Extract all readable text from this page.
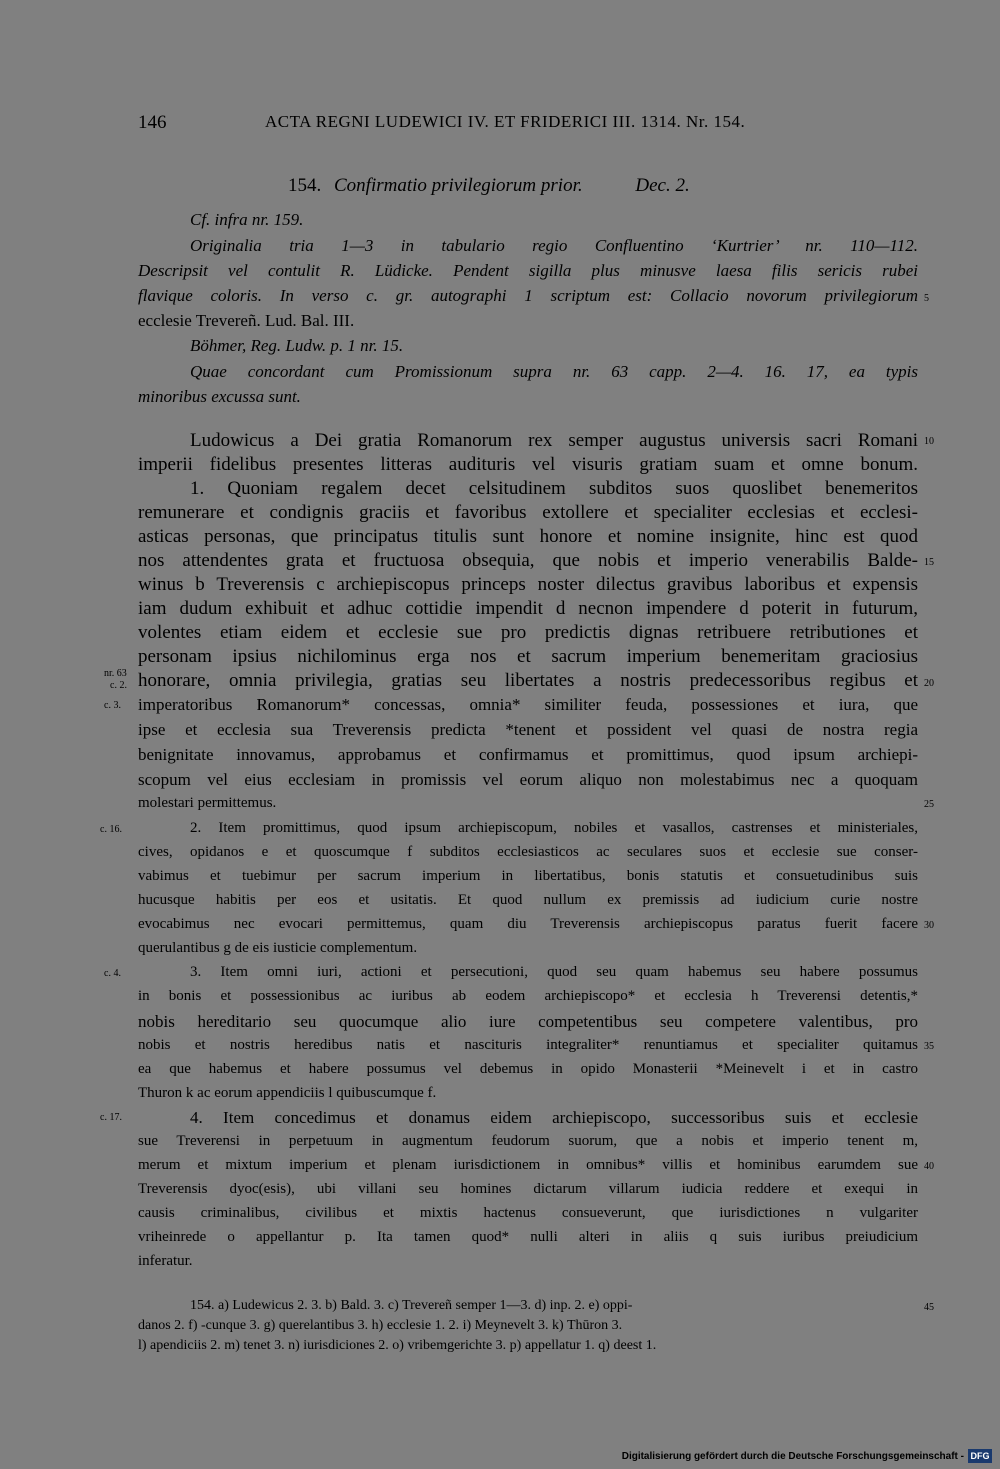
146	ACTA REGNI LUDEWICI IV. ET FRIDERICI III. 1314. Nr. 154.
154. Confirmatio privilegiorum prior.	Dec. 2.
Cf. infra nr. 159.
Originalia tria 1—3 in tabulario regio Confluentino ‘Kurtrier’ nr. 110—112.
Descripsit vel contulit R. Lüdicke. Pendent sigilla plus minusve laesa filis sericis rubei
flavique coloris. In verso c. gr. autographi 1 scriptum est: Collacio novorum privilegiorum
ecclesie Trevereñ. Lud. Bal. III.
Böhmer, Reg. Ludw. p. 1 nr. 15.
Quae concordant cum Promissionum supra nr. 63 capp. 2—4. 16. 17, ea typis
minoribus excussa sunt.
Ludowicus a Dei gratia Romanorum rex semper augustus universis sacri Romani
imperii fidelibus presentes litteras audituris vel visuris gratiam suam et omne bonum.
1. Quoniam regalem decet celsitudinem subditos suos quoslibet benemeritos
remunerare et condignis graciis et favoribus extollere et specialiter ecclesias et ecclesi-
asticas personas, que principatus titulis sunt honore et nomine insignite, hinc est quod
nos attendentes grata et fructuosa obsequia, que nobis et imperio venerabilis Balde-
winus b Treverensis c archiepiscopus princeps noster dilectus gravibus laboribus et expensis
iam dudum exhibuit et adhuc cottidie impendit d necnon impendere d poterit in futurum,
volentes etiam eidem et ecclesie sue pro predictis dignas retribuere retributiones et
personam ipsius nichilominus erga nos et sacrum imperium benemeritam graciosius
honorare, omnia privilegia, gratias seu libertates a nostris predecessoribus regibus et
imperatoribus Romanorum* concessas, omnia* similiter feuda, possessiones et iura, que
ipse et ecclesia sua Treverensis predicta *tenent et possident vel quasi de nostra regia
benignitate innovamus, approbamus et confirmamus et promittimus, quod ipsum archiepi-
scopum vel eius ecclesiam in promissis vel eorum aliquo non molestabimus nec a quoquam
molestari permittemus.
2. Item promittimus, quod ipsum archiepiscopum, nobiles et vasallos, castrenses et ministeriales,
cives, opidanos e et quoscumque f subditos ecclesiasticos ac seculares suos et ecclesie sue conser-
vabimus et tuebimur per sacrum imperium in libertatibus, bonis statutis et consuetudinibus suis
hucusque habitis per eos et usitatis. Et quod nullum ex premissis ad iudicium curie nostre
evocabimus nec evocari permittemus, quam diu Treverensis archiepiscopus paratus fuerit facere
querulantibus g de eis iusticie complementum.
3. Item omni iuri, actioni et persecutioni, quod seu quam habemus seu habere possumus
in bonis et possessionibus ac iuribus ab eodem archiepiscopo* et ecclesia h Treverensi detentis,*
nobis hereditario seu quocumque alio iure competentibus seu competere valentibus, pro
nobis et nostris heredibus natis et nascituris integraliter* renuntiamus et specialiter quitamus
ea que habemus et habere possumus vel debemus in opido Monasterii *Meinevelt i et in castro
Thuron k ac eorum appendiciis l quibuscumque f.
4. Item concedimus et donamus eidem archiepiscopo, successoribus suis et ecclesie
sue Treverensi in perpetuum in augmentum feudorum suorum, que a nobis et imperio tenent m,
merum et mixtum imperium et plenam iurisdictionem in omnibus* villis et hominibus earumdem sue
Treverensis dyoc(esis), ubi villani seu homines dictarum villarum iudicia reddere et exequi in
causis criminalibus, civilibus et mixtis hactenus consueverunt, que iurisdictiones n vulgariter
vriheinrede o appellantur p. Ita tamen quod* nulli alteri in aliis q suis iuribus preiudicium
inferatur.
5
10
15
20
25
30
35
40
45
nr. 63
c. 2.
c. 3.
c. 16.
c. 4.
c. 17.
154. a) Ludewicus 2. 3. b) Bald. 3. c) Trevereñ semper 1—3. d) inp. 2. e) oppi-
danos 2. f) -cunque 3. g) querelantibus 3. h) ecclesie 1. 2. i) Meynevelt 3. k) Thūron 3.
l) apendiciis 2. m) tenet 3. n) iurisdiciones 2. o) vribemgerichte 3. p) appellatur 1. q) deest 1.
Digitalisierung gefördert durch die Deutsche Forschungsgemeinschaft - DFG
